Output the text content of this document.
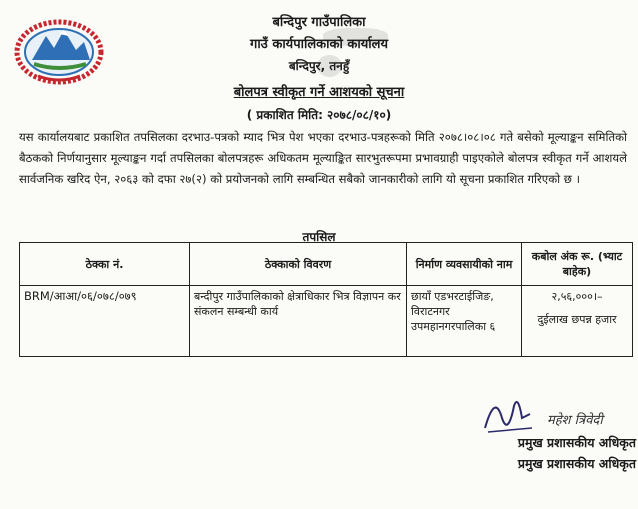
बन्दिपुर गाउँपालिका
गाउँ कार्यपालिकाको कार्यालय
बन्दिपुर, तनहुँ
बोलपत्र स्वीकृत गर्ने आशयको सूचना
( प्रकाशित मिति: २०७८/०८/१०)
यस कार्यालयबाट प्रकाशित तपसिलका दरभाउ-पत्रको म्याद भित्र पेश भएका दरभाउ-पत्रहरूको मिति २०७८।०८।०८ गते बसेको मूल्याङ्कन समितिको बैठकको निर्णयानुसार मूल्याङ्कन गर्दा तपसिलका बोलपत्रहरू अधिकतम मूल्याङ्कित सारभुतरूपमा प्रभावग्राही पाइएकोले बोलपत्र स्वीकृत गर्ने आशयले सार्वजनिक खरिद ऐन, २०६३ को दफा २७(२) को प्रयोजनको लागि सम्बन्धित सबैको जानकारीको लागि यो सूचना प्रकाशित गरिएको छ ।
तपसिल
ठेक्का नं.	ठेक्काको विवरण	निर्माण व्यवसायीको नाम	कबोल अंक रू. (भ्याट बाहेक)
BRM/आआ/०६/०७८/०७९	बन्दीपुर गाउँपालिकाको क्षेत्राधिकार भित्र विज्ञापन कर संकलन सम्बन्धी कार्य	छायाँ एडभरटाईजिङ, विराटनगर उपमहानगरपालिका ६	२,५६,०००।–
दुईलाख छपन्न हजार
महेश त्रिवेदी
प्रमुख प्रशासकीय अधिकृत
प्रमुख प्रशासकीय अधिकृत
